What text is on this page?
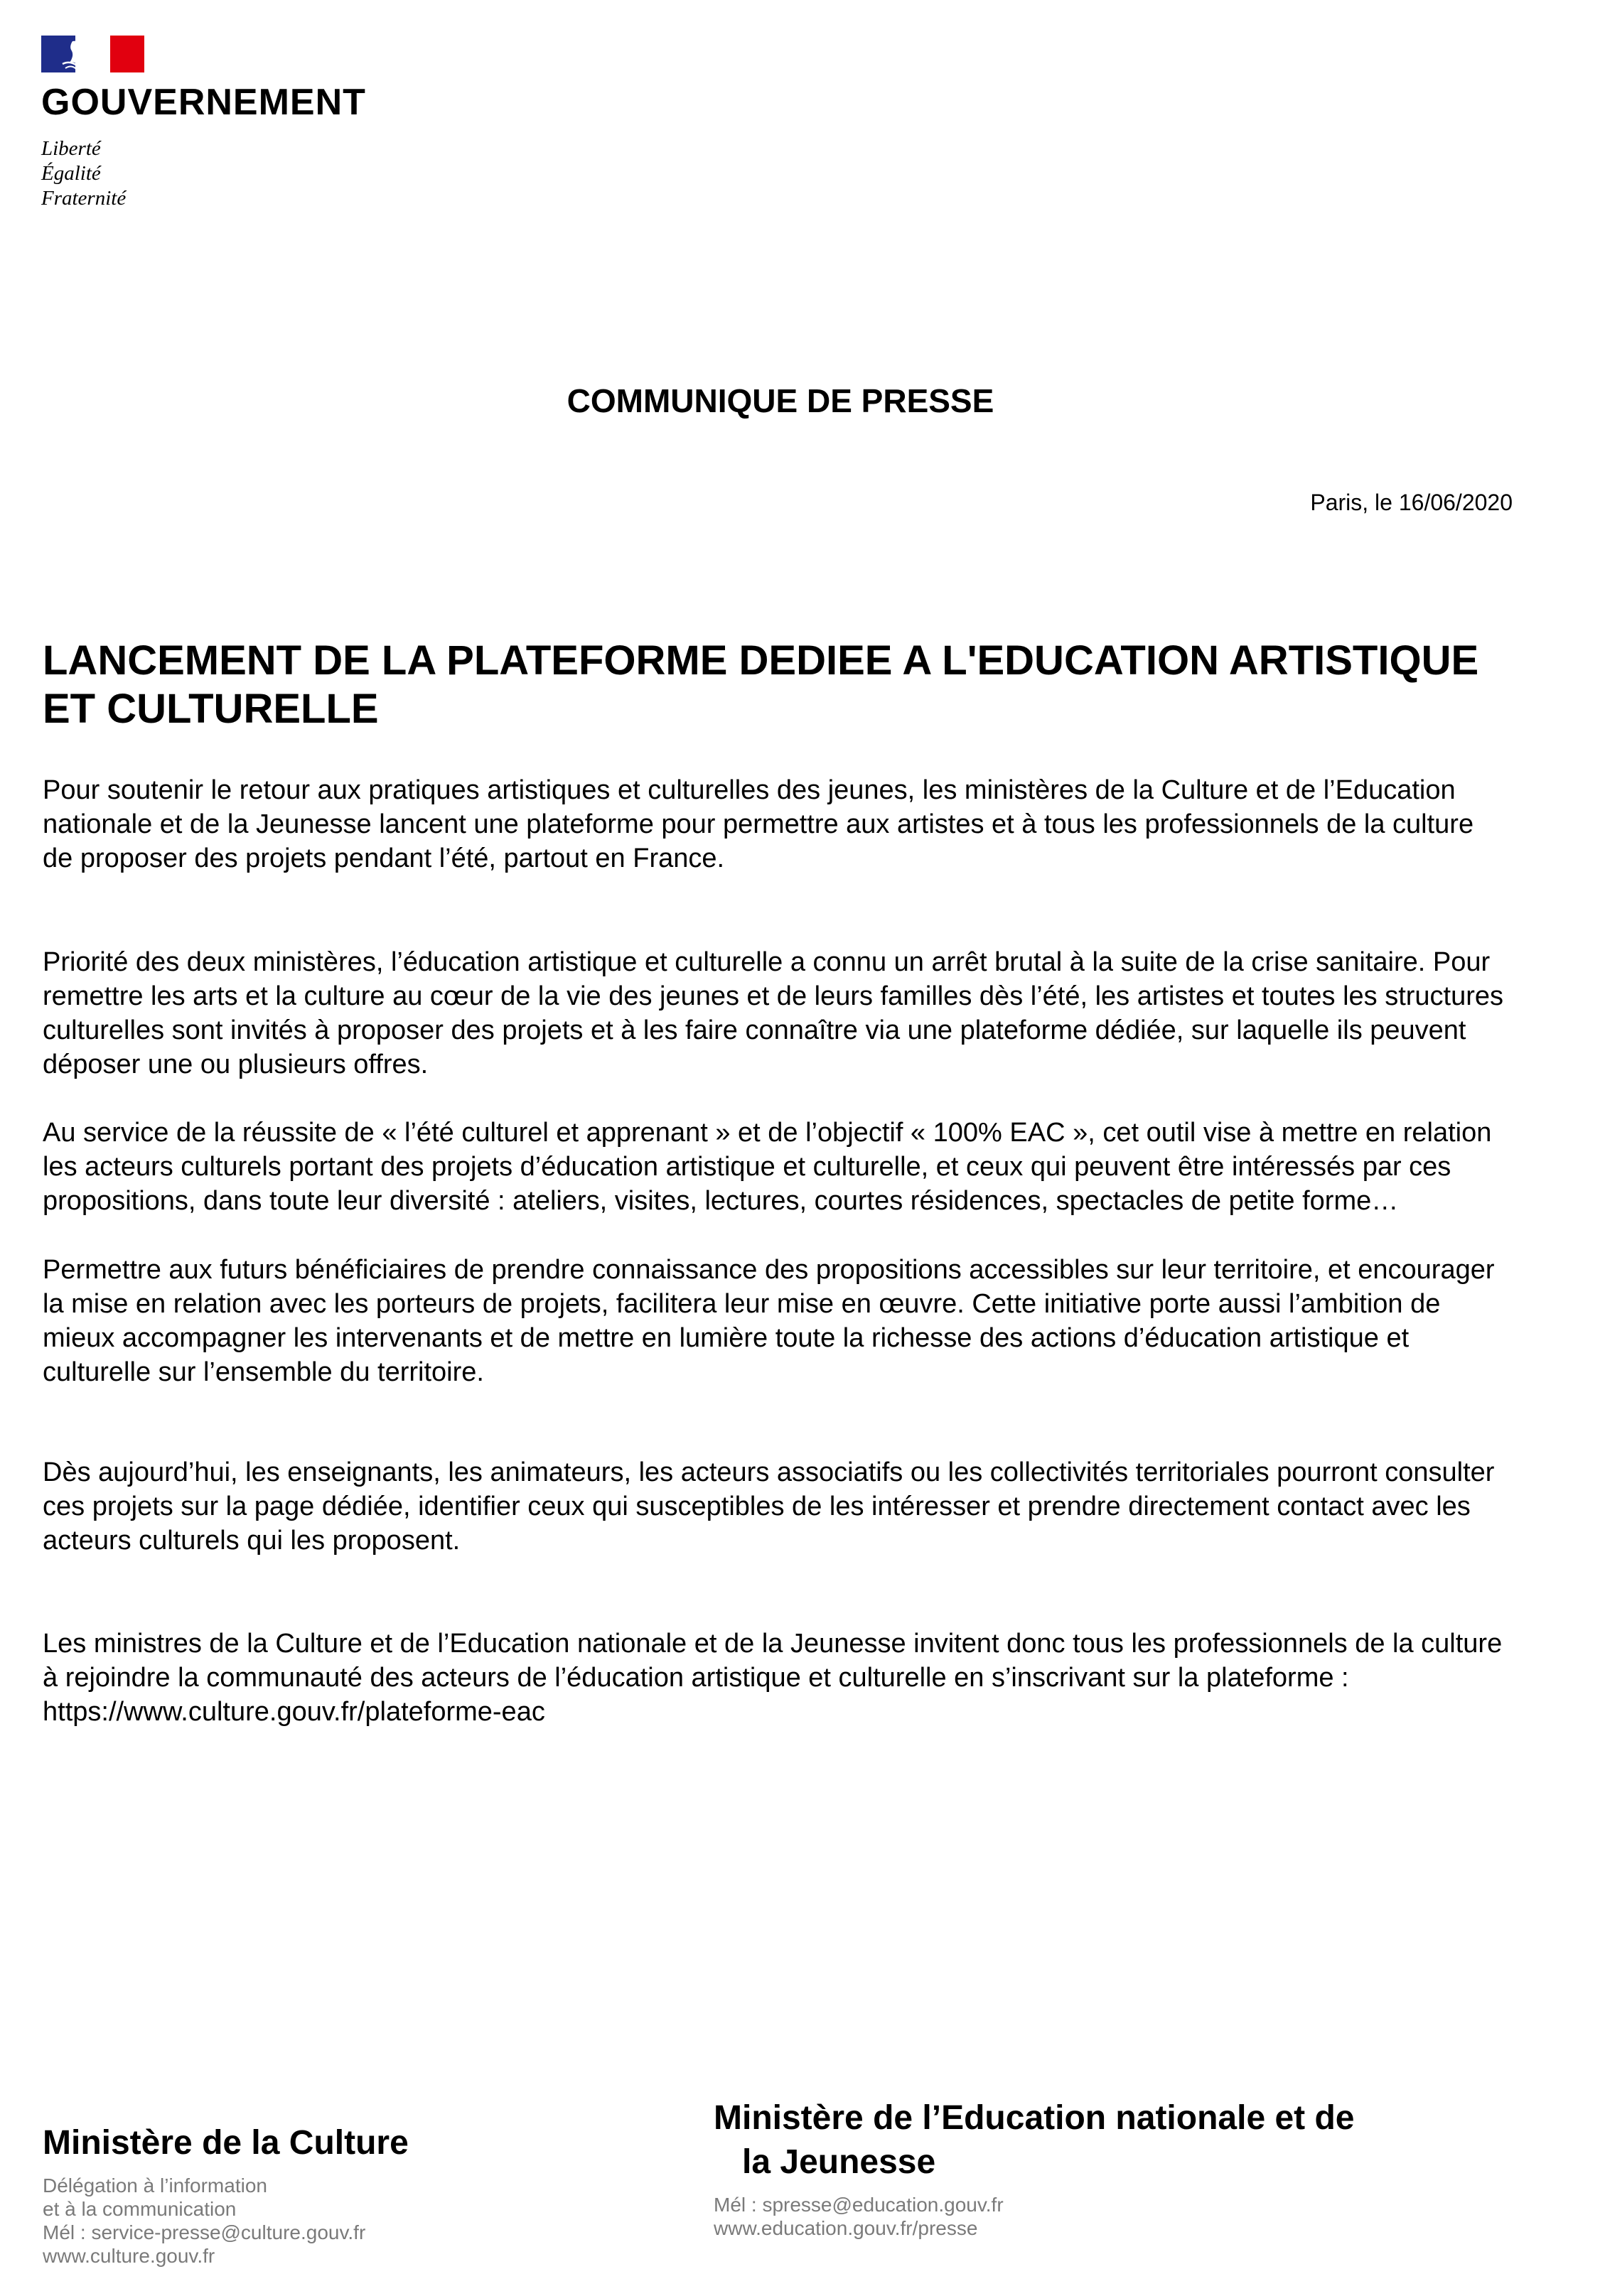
GOUVERNEMENT
Liberté
Égalité
Fraternité
COMMUNIQUE DE PRESSE
Paris, le 16/06/2020
LANCEMENT DE LA PLATEFORME DEDIEE A L'EDUCATION ARTISTIQUE
ET CULTURELLE

Pour soutenir le retour aux pratiques artistiques et culturelles des jeunes, les ministères de la Culture et de l’Education nationale et de la Jeunesse lancent une plateforme pour permettre aux artistes et à tous les professionnels de la culture de proposer des projets pendant l’été, partout en France.

Priorité des deux ministères, l’éducation artistique et culturelle a connu un arrêt brutal à la suite de la crise sanitaire. Pour remettre les arts et la culture au cœur de la vie des jeunes et de leurs familles dès l’été, les artistes et toutes les structures culturelles sont invités à proposer des projets et à les faire connaître via une plateforme dédiée, sur laquelle ils peuvent déposer une ou plusieurs offres.

Au service de la réussite de « l’été culturel et apprenant » et de l’objectif « 100% EAC », cet outil vise à mettre en relation les acteurs culturels portant des projets d’éducation artistique et culturelle, et ceux qui peuvent être intéressés par ces propositions, dans toute leur diversité : ateliers, visites, lectures, courtes résidences, spectacles de petite forme…

Permettre aux futurs bénéficiaires de prendre connaissance des propositions accessibles sur leur territoire, et encourager la mise en relation avec les porteurs de projets, facilitera leur mise en œuvre. Cette initiative porte aussi l’ambition de mieux accompagner les intervenants et de mettre en lumière toute la richesse des actions d’éducation artistique et culturelle sur l’ensemble du territoire.

Dès aujourd’hui, les enseignants, les animateurs, les acteurs associatifs ou les collectivités territoriales pourront consulter ces projets sur la page dédiée, identifier ceux qui susceptibles de les intéresser et prendre directement contact avec les acteurs culturels qui les proposent.

Les ministres de la Culture et de l’Education nationale et de la Jeunesse invitent donc tous les professionnels de la culture à rejoindre la communauté des acteurs de l’éducation artistique et culturelle en s’inscrivant sur la plateforme : https://www.culture.gouv.fr/plateforme-eac

Ministère de la Culture
Délégation à l’information
et à la communication
Mél : service-presse@culture.gouv.fr
www.culture.gouv.fr
Ministère de l’Education nationale et de
la Jeunesse
Mél : spresse@education.gouv.fr
www.education.gouv.fr/presse
